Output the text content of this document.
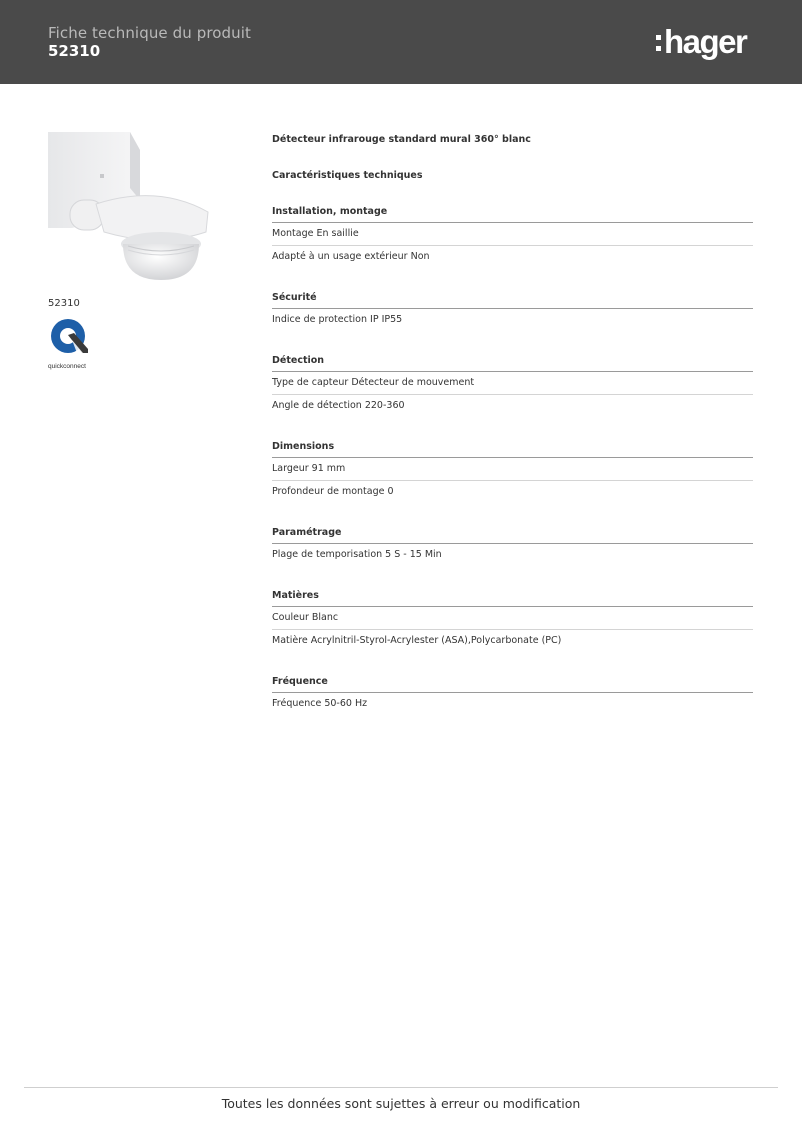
Fiche technique du produit
52310	hager
52310
quickconnect
Détecteur infrarouge standard mural 360° blanc
Caractéristiques techniques
Installation, montage
Montage En saillie
Adapté à un usage extérieur Non
Sécurité
Indice de protection IP IP55
Détection
Type de capteur Détecteur de mouvement
Angle de détection 220-360
Dimensions
Largeur 91 mm
Profondeur de montage 0
Paramétrage
Plage de temporisation 5 S - 15 Min
Matières
Couleur Blanc
Matière Acrylnitril-Styrol-Acrylester (ASA),Polycarbonate (PC)
Fréquence
Fréquence 50-60 Hz
Toutes les données sont sujettes à erreur ou modification
